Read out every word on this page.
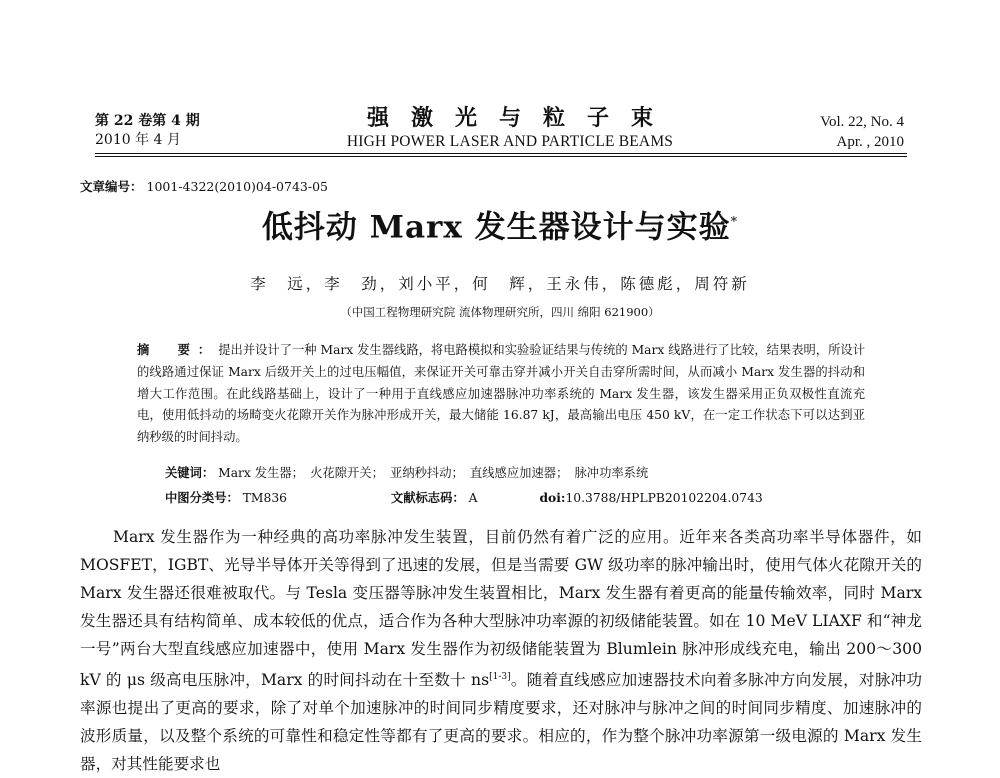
第 22 卷第 4 期
2010 年 4 月
强激光与粒子束
HIGH POWER LASER AND PARTICLE BEAMS
Vol. 22, No. 4
Apr. , 2010
文章编号： 1001-4322(2010)04-0743-05
低抖动 Marx 发生器设计与实验*
李　远，李　劲，刘小平，何　辉，王永伟，陈德彪，周符新
（中国工程物理研究院 流体物理研究所，四川 绵阳 621900）
摘　要：提出并设计了一种 Marx 发生器线路，将电路模拟和实验验证结果与传统的 Marx 线路进行了比较，结果表明，所设计的线路通过保证 Marx 后级开关上的过电压幅值，来保证开关可靠击穿并减小开关自击穿所需时间，从而减小 Marx 发生器的抖动和增大工作范围。在此线路基础上，设计了一种用于直线感应加速器脉冲功率系统的 Marx 发生器，该发生器采用正负双极性直流充电，使用低抖动的场畸变火花隙开关作为脉冲形成开关，最大储能 16.87 kJ，最高输出电压 450 kV，在一定工作状态下可以达到亚纳秒级的时间抖动。
关键词： Marx 发生器；　火花隙开关；　亚纳秒抖动；　直线感应加速器；　脉冲功率系统
中图分类号： TM836	文献标志码： A	doi:10.3788/HPLPB20102204.0743
Marx 发生器作为一种经典的高功率脉冲发生装置，目前仍然有着广泛的应用。近年来各类高功率半导体器件，如 MOSFET，IGBT、光导半导体开关等得到了迅速的发展，但是当需要 GW 级功率的脉冲输出时，使用气体火花隙开关的 Marx 发生器还很难被取代。与 Tesla 变压器等脉冲发生装置相比，Marx 发生器有着更高的能量传输效率，同时 Marx 发生器还具有结构简单、成本较低的优点，适合作为各种大型脉冲功率源的初级储能装置。如在 10 MeV LIAXF 和“神龙一号”两台大型直线感应加速器中，使用 Marx 发生器作为初级储能装置为 Blumlein 脉冲形成线充电，输出 200～300 kV 的 μs 级高电压脉冲，Marx 的时间抖动在十至数十 ns[1-3]。随着直线感应加速器技术向着多脉冲方向发展，对脉冲功率源也提出了更高的要求，除了对单个加速脉冲的时间同步精度要求，还对脉冲与脉冲之间的时间同步精度、加速脉冲的波形质量，以及整个系统的可靠性和稳定性等都有了更高的要求。相应的，作为整个脉冲功率源第一级电源的 Marx 发生器，对其性能要求也
